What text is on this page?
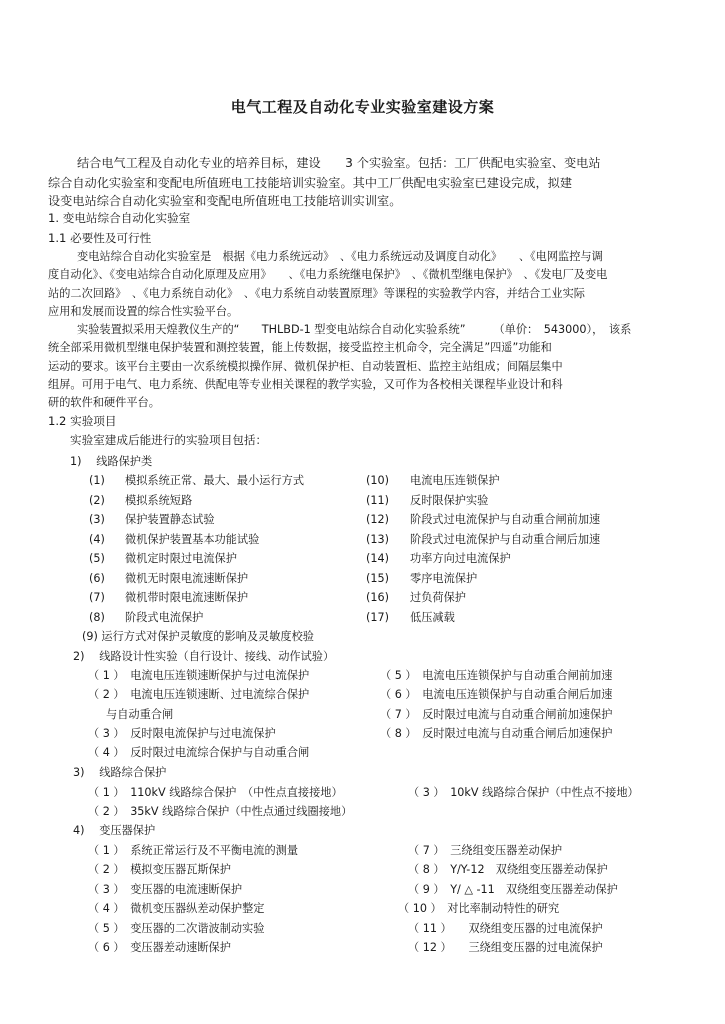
电气工程及自动化专业实验室建设方案
结合电气工程及自动化专业的培养目标，建设　　3 个实验室。包括：工厂供配电实验室、变电站
综合自动化实验室和变配电所值班电工技能培训实验室。其中工厂供配电实验室已建设完成，拟建
设变电站综合自动化实验室和变配电所值班电工技能培训实训室。
1. 变电站综合自动化实验室
1.1 必要性及可行性
变电站综合自动化实验室是　根据《电力系统远动》　、《电力系统远动及调度自动化》　　、《电网监控与调
度自动化》、《变电站综合自动化原理及应用》　　、《电力系统继电保护》　、《微机型继电保护》　、《发电厂及变电
站的二次回路》　、《电力系统自动化》　、《电力系统自动装置原理》等课程的实验教学内容，并结合工业实际
应用和发展而设置的综合性实验平台。
实验装置拟采用天煌教仪生产的“　　THLBD-1 型变电站综合自动化实验系统”　　　（单价：　543000），　该系
统全部采用微机型继电保护装置和测控装置，能上传数据，接受监控主机命令，完全满足”四遥”功能和
运动的要求。该平台主要由一次系统模拟操作屏、微机保护柜、自动装置柜、监控主站组成；间隔层集中
组屏。可用于电气、电力系统、供配电等专业相关课程的教学实验，又可作为各校相关课程毕业设计和科
研的软件和硬件平台。
1.2 实验项目
实验室建成后能进行的实验项目包括：
1)　 线路保护类
(1) 模拟系统正常、最大、最小运行方式	(10) 电流电压连锁保护
(2) 模拟系统短路	(11) 反时限保护实验
(3) 保护装置静态试验	(12) 阶段式过电流保护与自动重合闸前加速
(4) 微机保护装置基本功能试验	(13) 阶段式过电流保护与自动重合闸后加速
(5) 微机定时限过电流保护	(14) 功率方向过电流保护
(6) 微机无时限电流速断保护	(15) 零序电流保护
(7) 微机带时限电流速断保护	(16) 过负荷保护
(8) 阶段式电流保护	(17) 低压减载
(9) 运行方式对保护灵敏度的影响及灵敏度校验
2)　 线路设计性实验（自行设计、接线、动作试验）
（ 1 ）　电流电压连锁速断保护与过电流保护	（ 5 ）　电流电压连锁保护与自动重合闸前加速
（ 2 ）　电流电压连锁速断、过电流综合保护	（ 6 ）　电流电压连锁保护与自动重合闸后加速
与自动重合闸	（ 7 ）　反时限过电流与自动重合闸前加速保护
（ 3 ）　反时限电流保护与过电流保护	（ 8 ）　反时限过电流与自动重合闸后加速保护
（ 4 ）　反时限过电流综合保护与自动重合闸
3)　 线路综合保护
（ 1 ）　110kV 线路综合保护　（中性点直接接地）	（ 3 ）　10kV 线路综合保护（中性点不接地）
（ 2 ）　35kV 线路综合保护（中性点通过线圈接地）
4)　 变压器保护
（ 1 ）　系统正常运行及不平衡电流的测量	（ 7 ）　三绕组变压器差动保护
（ 2 ）　模拟变压器瓦斯保护	（ 8 ）　Y/Y-12　双绕组变压器差动保护
（ 3 ）　变压器的电流速断保护	（ 9 ）　Y/ △ -11　双绕组变压器差动保护
（ 4 ）　微机变压器纵差动保护整定	（ 10 ）　对比率制动特性的研究
（ 5 ）　变压器的二次谐波制动实验	（ 11 ）　　双绕组变压器的过电流保护
（ 6 ）　变压器差动速断保护	（ 12 ）　　三绕组变压器的过电流保护
